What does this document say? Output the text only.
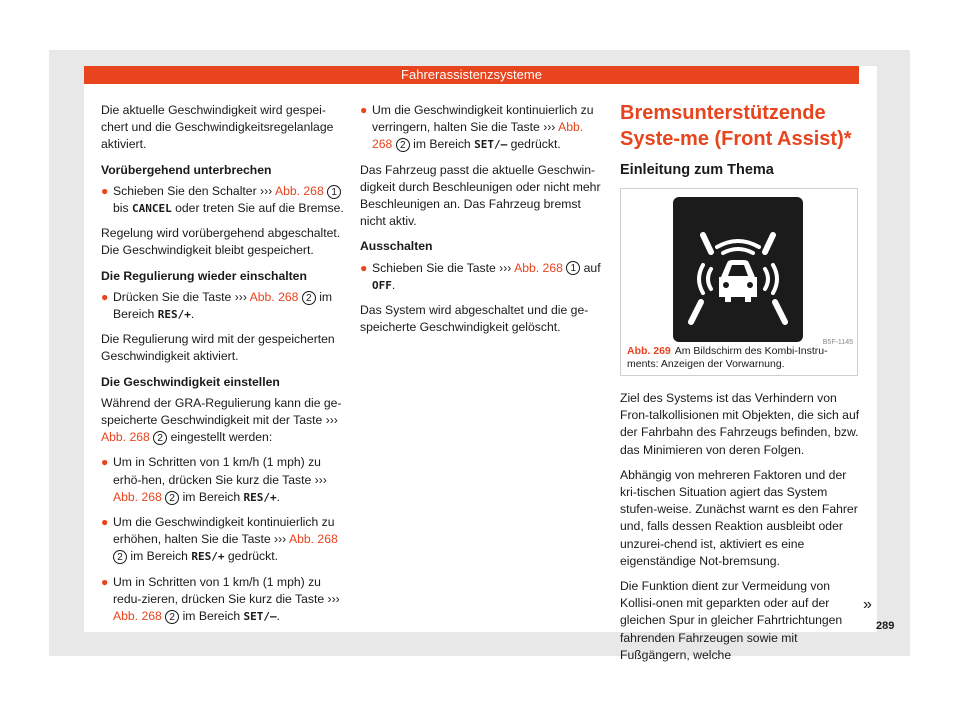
Fahrerassistenzsysteme

Die aktuelle Geschwindigkeit wird gespei-chert und die Geschwindigkeitsregelanlage aktiviert.

Vorübergehend unterbrechen

● Schieben Sie den Schalter ››› Abb. 268 1 bis CANCEL oder treten Sie auf die Bremse.

Regelung wird vorübergehend abgeschaltet. Die Geschwindigkeit bleibt gespeichert.

Die Regulierung wieder einschalten

● Drücken Sie die Taste ››› Abb. 268 2 im Bereich RES/+.

Die Regulierung wird mit der gespeicherten Geschwindigkeit aktiviert.

Die Geschwindigkeit einstellen

Während der GRA-Regulierung kann die ge-speicherte Geschwindigkeit mit der Taste ››› Abb. 268 2 eingestellt werden:

● Um in Schritten von 1 km/h (1 mph) zu erhö-hen, drücken Sie kurz die Taste ››› Abb. 268 2 im Bereich RES/+.

● Um die Geschwindigkeit kontinuierlich zu erhöhen, halten Sie die Taste ››› Abb. 268 2 im Bereich RES/+ gedrückt.

● Um in Schritten von 1 km/h (1 mph) zu redu-zieren, drücken Sie kurz die Taste ››› Abb. 268 2 im Bereich SET/–.

● Um die Geschwindigkeit kontinuierlich zu verringern, halten Sie die Taste ››› Abb. 268 2 im Bereich SET/– gedrückt.

Das Fahrzeug passt die aktuelle Geschwin-digkeit durch Beschleunigen oder nicht mehr Beschleunigen an. Das Fahrzeug bremst nicht aktiv.

Ausschalten

● Schieben Sie die Taste ››› Abb. 268 1 auf OFF.

Das System wird abgeschaltet und die ge-speicherte Geschwindigkeit gelöscht.

Bremsunterstützende Syste-me (Front Assist)*

Einleitung zum Thema

B5F-1145
Abb. 269 Am Bildschirm des Kombi-Instru-ments: Anzeigen der Vorwarnung.

Ziel des Systems ist das Verhindern von Fron-talkollisionen mit Objekten, die sich auf der Fahrbahn des Fahrzeugs befinden, bzw. das Minimieren von deren Folgen.

Abhängig von mehreren Faktoren und der kri-tischen Situation agiert das System stufen-weise. Zunächst warnt es den Fahrer und, falls dessen Reaktion ausbleibt oder unzurei-chend ist, aktiviert es eine eigenständige Not-bremsung.

Die Funktion dient zur Vermeidung von Kollisi-onen mit geparkten oder auf der gleichen Spur in gleicher Fahrtrichtungen fahrenden Fahrzeugen sowie mit Fußgängern, welche

»
289
